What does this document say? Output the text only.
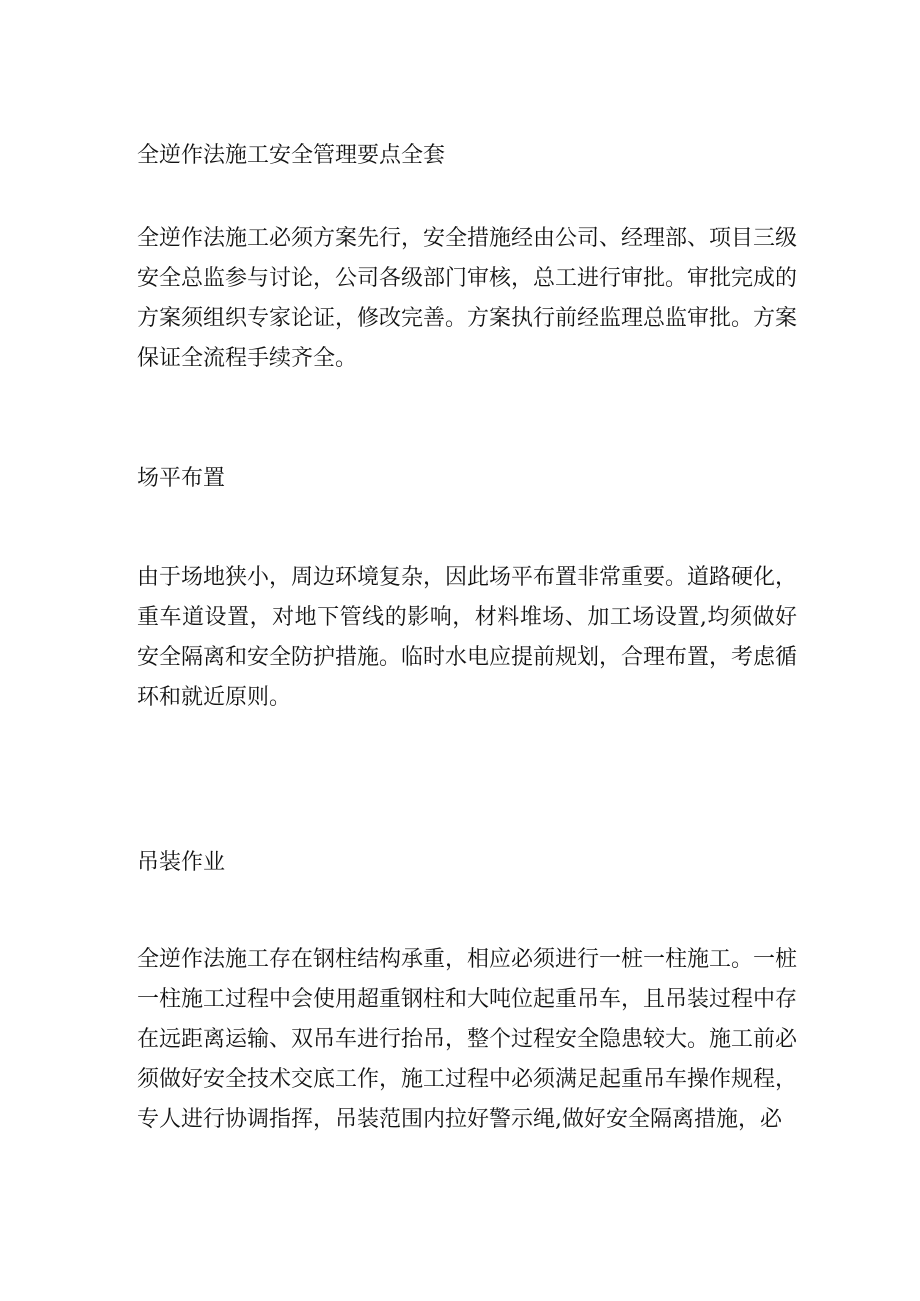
全逆作法施工安全管理要点全套

全逆作法施工必须方案先行，安全措施经由公司、经理部、项目三级安全总监参与讨论，公司各级部门审核，总工进行审批。审批完成的方案须组织专家论证，修改完善。方案执行前经监理总监审批。方案保证全流程手续齐全。

场平布置

由于场地狭小，周边环境复杂，因此场平布置非常重要。道路硬化，重车道设置，对地下管线的影响，材料堆场、加工场设置,均须做好安全隔离和安全防护措施。临时水电应提前规划，合理布置，考虑循环和就近原则。

吊装作业

全逆作法施工存在钢柱结构承重，相应必须进行一桩一柱施工。一桩一柱施工过程中会使用超重钢柱和大吨位起重吊车，且吊装过程中存在远距离运输、双吊车进行抬吊，整个过程安全隐患较大。施工前必须做好安全技术交底工作，施工过程中必须满足起重吊车操作规程，专人进行协调指挥，吊装范围内拉好警示绳,做好安全隔离措施，必
